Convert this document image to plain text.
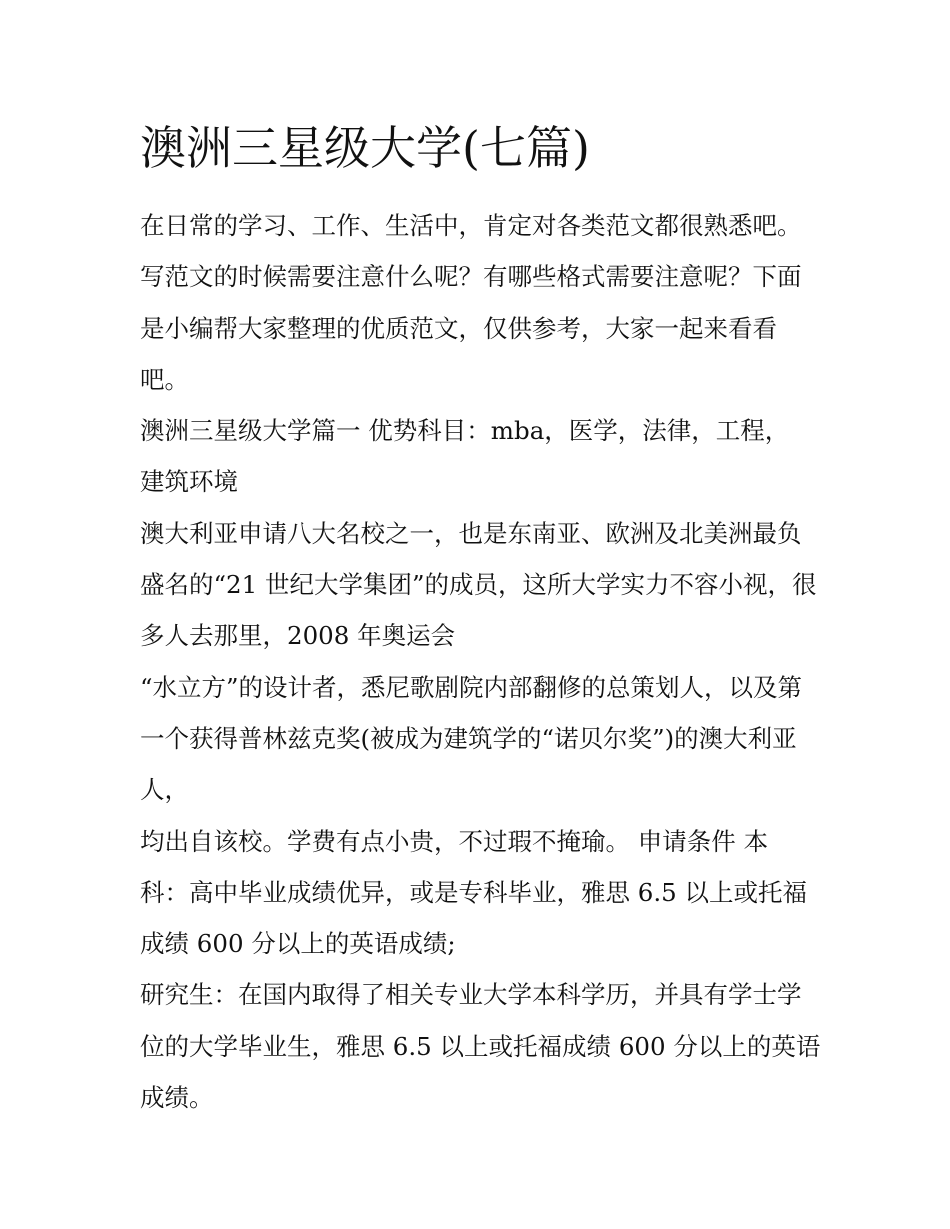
澳洲三星级大学(七篇)
在日常的学习、工作、生活中，肯定对各类范文都很熟悉吧。
写范文的时候需要注意什么呢？有哪些格式需要注意呢？下面
是小编帮大家整理的优质范文，仅供参考，大家一起来看看
吧。
澳洲三星级大学篇一 优势科目：mba，医学，法律，工程，
建筑环境
澳大利亚申请八大名校之一，也是东南亚、欧洲及北美洲最负
盛名的“21 世纪大学集团”的成员，这所大学实力不容小视，很
多人去那里，2008 年奥运会
“水立方”的设计者，悉尼歌剧院内部翻修的总策划人，以及第
一个获得普林兹克奖(被成为建筑学的“诺贝尔奖”)的澳大利亚
人，
均出自该校。学费有点小贵，不过瑕不掩瑜。 申请条件 本
科：高中毕业成绩优异，或是专科毕业，雅思 6.5 以上或托福
成绩 600 分以上的英语成绩;
研究生：在国内取得了相关专业大学本科学历，并具有学士学
位的大学毕业生，雅思 6.5 以上或托福成绩 600 分以上的英语
成绩。
